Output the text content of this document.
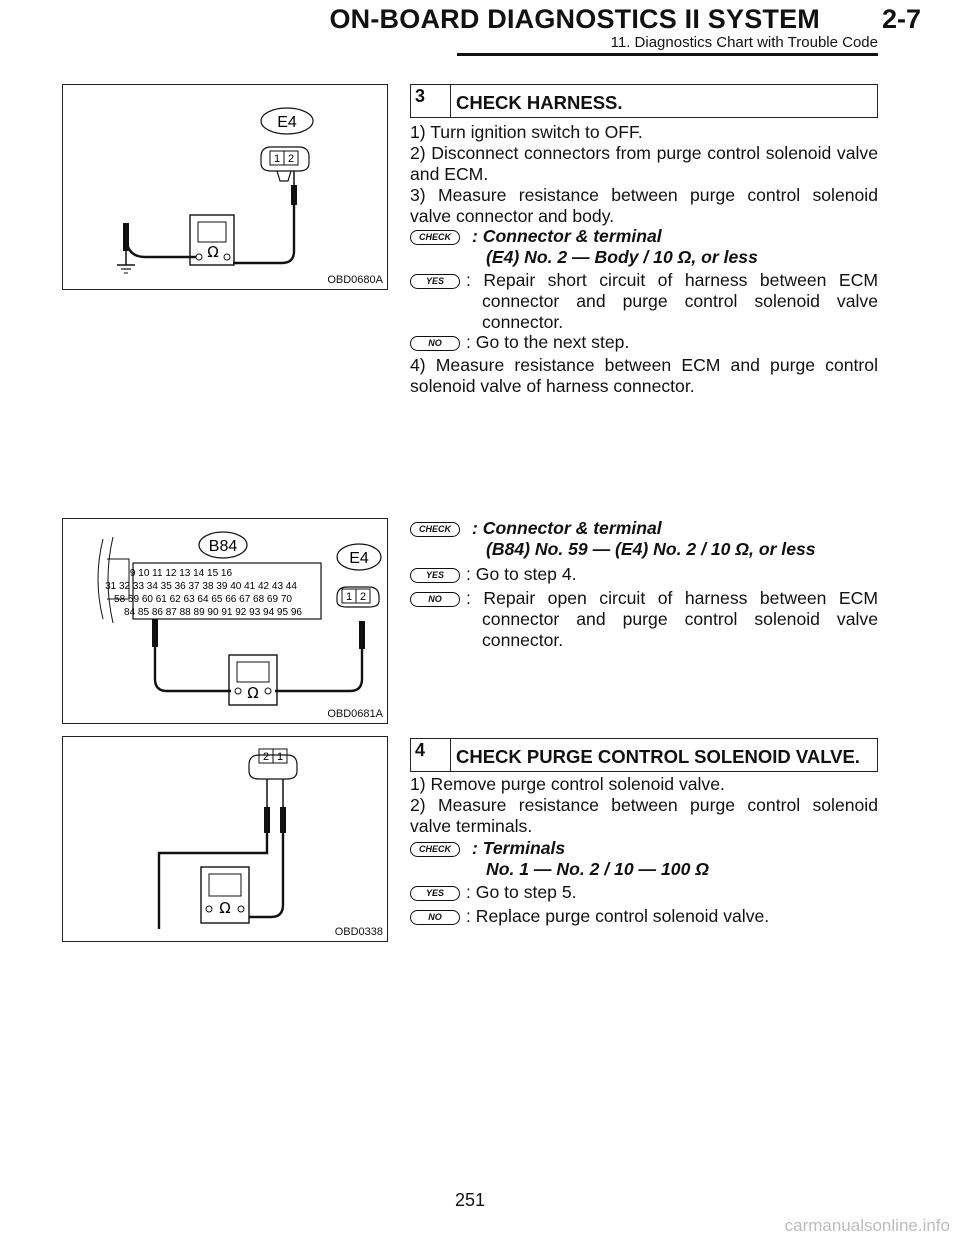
ON-BOARD DIAGNOSTICS II SYSTEM 2-7
11. Diagnostics Chart with Trouble Code
E4
1 2
Ω
OBD0680A
3	CHECK HARNESS.

1) Turn ignition switch to OFF.

2) Disconnect connectors from purge control solenoid valve and ECM.

3) Measure resistance between purge control solenoid valve connector and body.

CHECK	: Connector & terminal
(E4) No. 2 — Body / 10 Ω, or less
YES	: Repair short circuit of harness between ECM connector and purge control solenoid valve connector.
NO	: Go to the next step.

4) Measure resistance between ECM and purge control solenoid valve of harness connector.

B84
9 10 11 12 13 14 15 16
31 32 33 34 35 36 37 38 39 40 41 42 43 44
58 59 60 61 62 63 64 65 66 67 68 69 70
84 85 86 87 88 89 90 91 92 93 94 95 96
E4
1 2
Ω
OBD0681A
CHECK	: Connector & terminal
(B84) No. 59 — (E4) No. 2 / 10 Ω, or less
YES	: Go to step 4.
NO	: Repair open circuit of harness between ECM connector and purge control solenoid valve connector.
2 1
Ω
OBD0338
4	CHECK PURGE CONTROL SOLENOID VALVE.

1) Remove purge control solenoid valve.

2) Measure resistance between purge control solenoid valve terminals.

CHECK	: Terminals
No. 1 — No. 2 / 10 — 100 Ω
YES	: Go to step 5.
NO	: Replace purge control solenoid valve.
251
carmanualsonline.info
